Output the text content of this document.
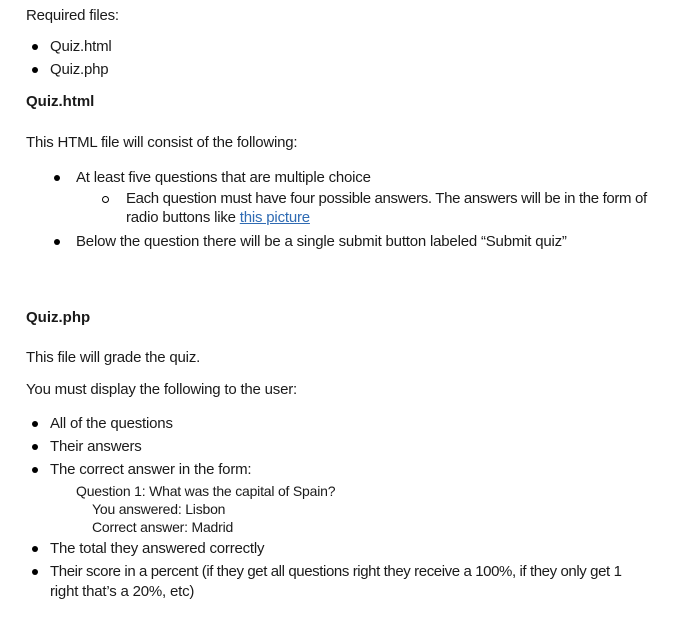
Required files:
Quiz.html
Quiz.php
Quiz.html
This HTML file will consist of the following:
At least five questions that are multiple choice
Each question must have four possible answers. The answers will be in the form of
radio buttons like this picture
Below the question there will be a single submit button labeled “Submit quiz”
Quiz.php
This file will grade the quiz.
You must display the following to the user:
All of the questions
Their answers
The correct answer in the form:
Question 1: What was the capital of Spain?
You answered: Lisbon
Correct answer: Madrid
The total they answered correctly
Their score in a percent (if they get all questions right they receive a 100%, if they only get 1
right that’s a 20%, etc)
